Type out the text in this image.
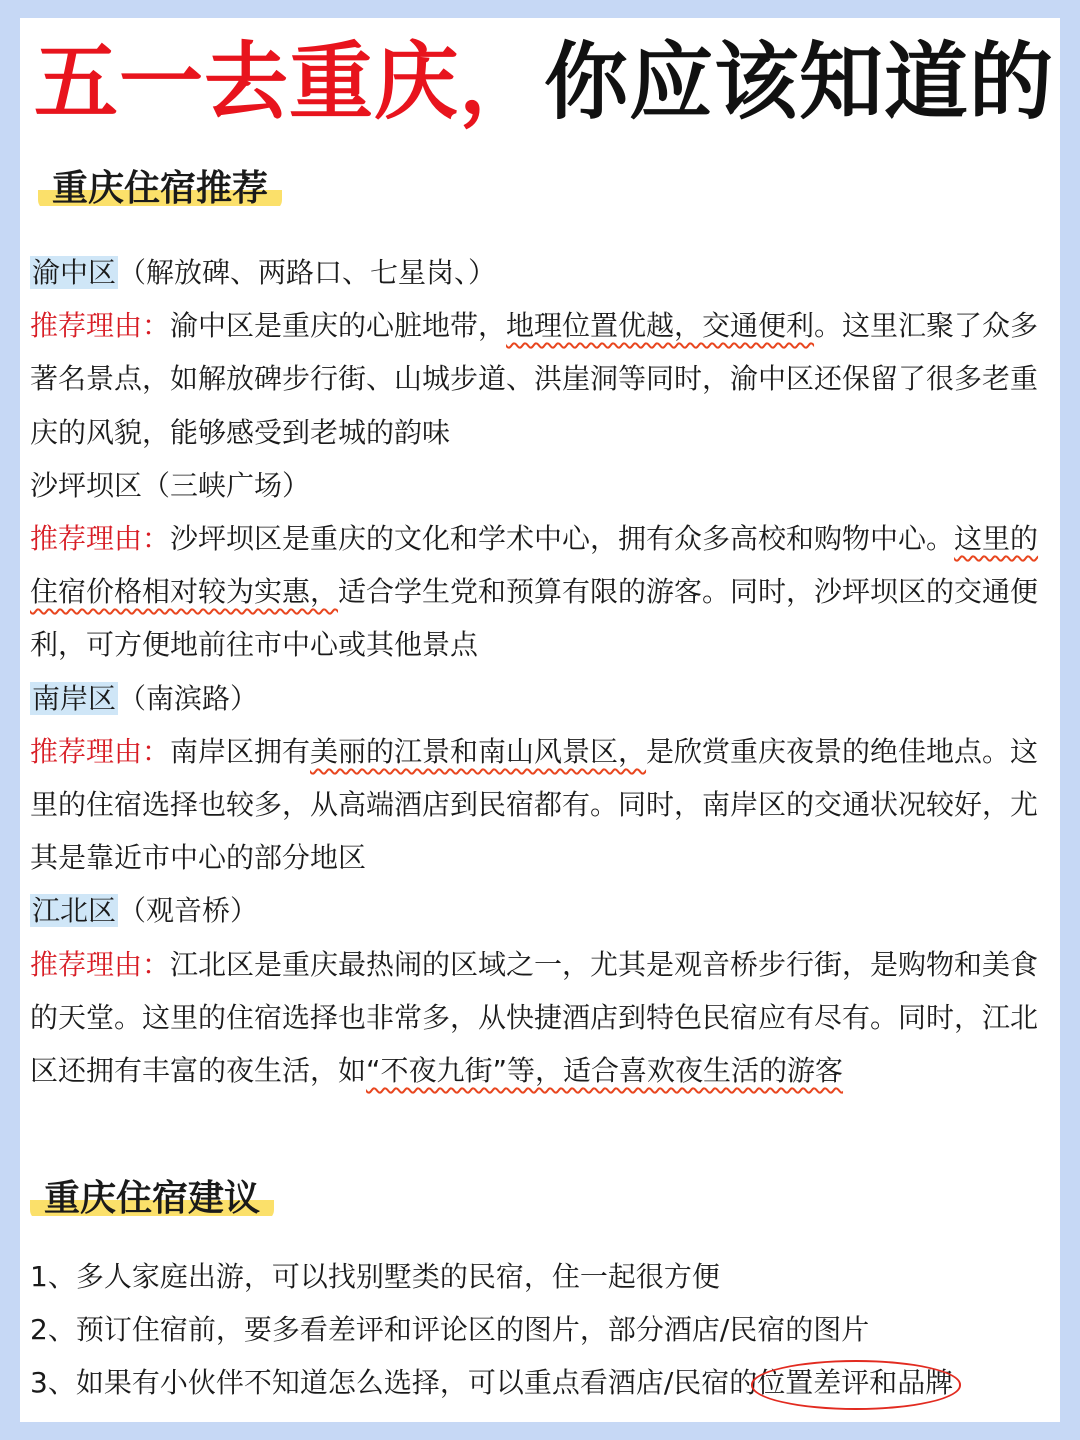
五一去重庆，你应该知道的
重庆住宿推荐

渝中区（解放碑、两路口、七星岗、）

推荐理由：渝中区是重庆的心脏地带，地理位置优越，交通便利。这里汇聚了众多著名景点，如解放碑步行街、山城步道、洪崖洞等同时，渝中区还保留了很多老重庆的风貌，能够感受到老城的韵味

沙坪坝区（三峡广场）

推荐理由：沙坪坝区是重庆的文化和学术中心，拥有众多高校和购物中心。这里的住宿价格相对较为实惠，适合学生党和预算有限的游客。同时，沙坪坝区的交通便利，可方便地前往市中心或其他景点

南岸区（南滨路）

推荐理由：南岸区拥有美丽的江景和南山风景区，是欣赏重庆夜景的绝佳地点。这里的住宿选择也较多，从高端酒店到民宿都有。同时，南岸区的交通状况较好，尤其是靠近市中心的部分地区

江北区（观音桥）

推荐理由：江北区是重庆最热闹的区域之一，尤其是观音桥步行街，是购物和美食的天堂。这里的住宿选择也非常多，从快捷酒店到特色民宿应有尽有。同时，江北区还拥有丰富的夜生活，如“不夜九街”等，适合喜欢夜生活的游客

重庆住宿建议

1、多人家庭出游，可以找别墅类的民宿，住一起很方便

2、预订住宿前，要多看差评和评论区的图片，部分酒店/民宿的图片

3、如果有小伙伴不知道怎么选择，可以重点看酒店/民宿的位置差评和品牌
